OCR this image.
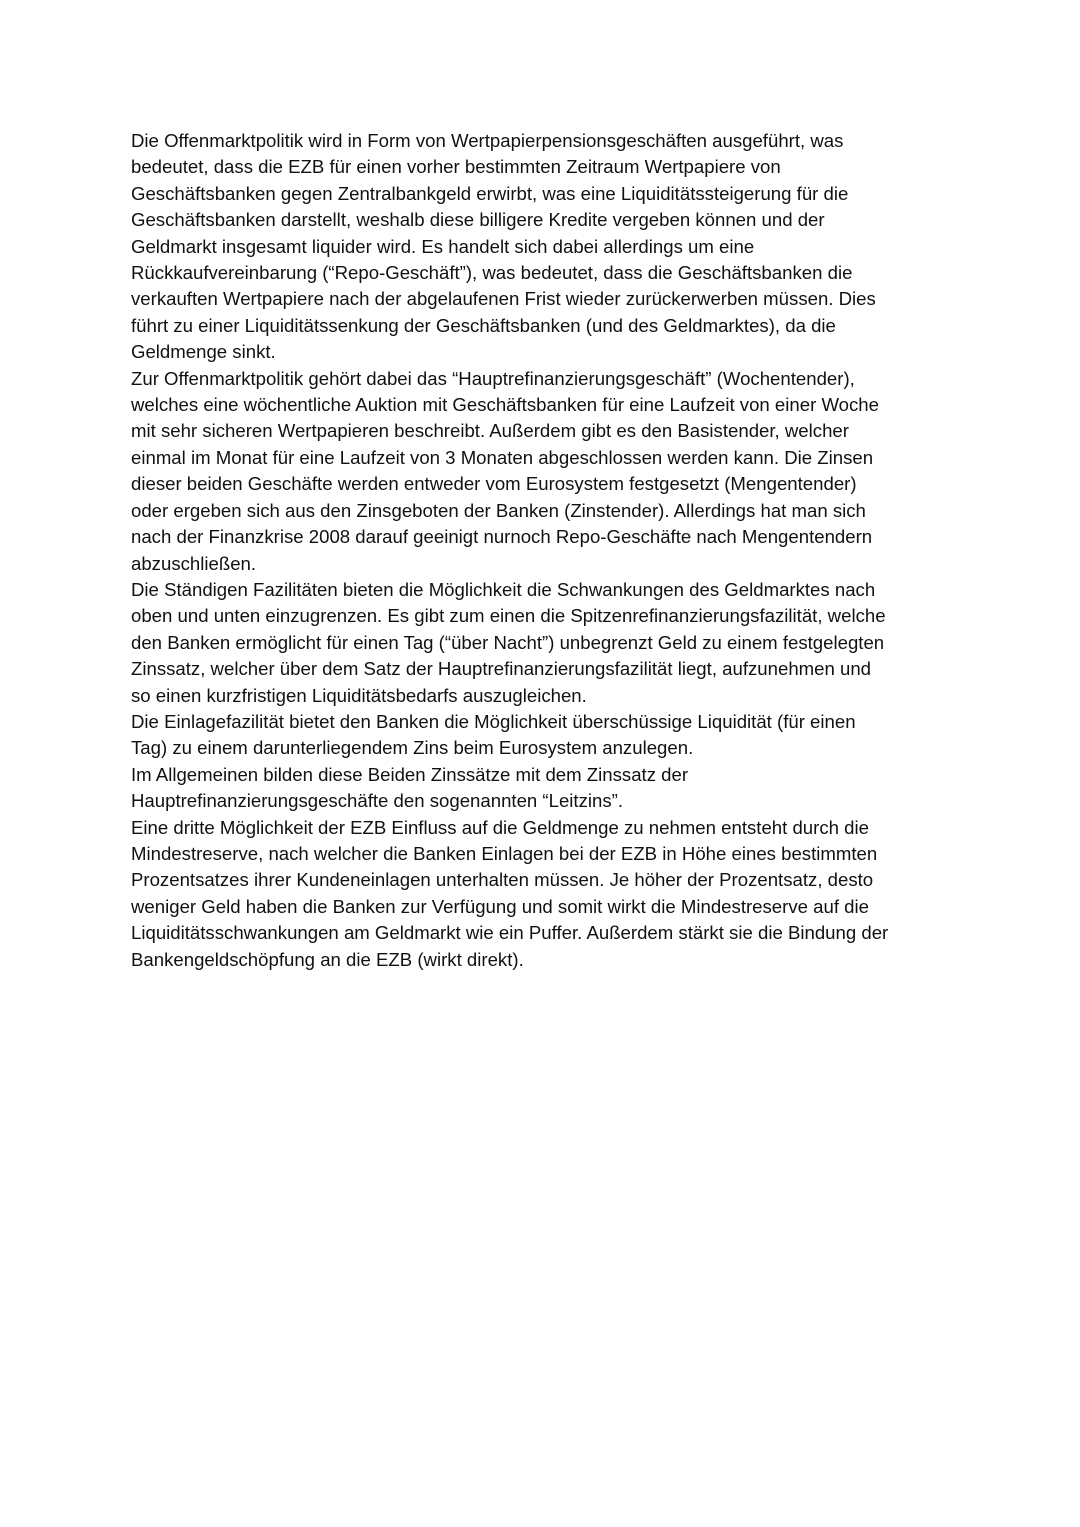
Die Offenmarktpolitik wird in Form von Wertpapierpensionsgeschäften ausgeführt, was
bedeutet, dass die EZB für einen vorher bestimmten Zeitraum Wertpapiere von
Geschäftsbanken gegen Zentralbankgeld erwirbt, was eine Liquiditätssteigerung für die
Geschäftsbanken darstellt, weshalb diese billigere Kredite vergeben können und der
Geldmarkt insgesamt liquider wird. Es handelt sich dabei allerdings um eine
Rückkaufvereinbarung (“Repo-Geschäft”), was bedeutet, dass die Geschäftsbanken die
verkauften Wertpapiere nach der abgelaufenen Frist wieder zurückerwerben müssen. Dies
führt zu einer Liquiditätssenkung der Geschäftsbanken (und des Geldmarktes), da die
Geldmenge sinkt.
Zur Offenmarktpolitik gehört dabei das “Hauptrefinanzierungsgeschäft” (Wochentender),
welches eine wöchentliche Auktion mit Geschäftsbanken für eine Laufzeit von einer Woche
mit sehr sicheren Wertpapieren beschreibt. Außerdem gibt es den Basistender, welcher
einmal im Monat für eine Laufzeit von 3 Monaten abgeschlossen werden kann. Die Zinsen
dieser beiden Geschäfte werden entweder vom Eurosystem festgesetzt (Mengentender)
oder ergeben sich aus den Zinsgeboten der Banken (Zinstender). Allerdings hat man sich
nach der Finanzkrise 2008 darauf geeinigt nurnoch Repo-Geschäfte nach Mengentendern
abzuschließen.
Die Ständigen Fazilitäten bieten die Möglichkeit die Schwankungen des Geldmarktes nach
oben und unten einzugrenzen. Es gibt zum einen die Spitzenrefinanzierungsfazilität, welche
den Banken ermöglicht für einen Tag (“über Nacht”) unbegrenzt Geld zu einem festgelegten
Zinssatz, welcher über dem Satz der Hauptrefinanzierungsfazilität liegt, aufzunehmen und
so einen kurzfristigen Liquiditätsbedarfs auszugleichen.
Die Einlagefazilität bietet den Banken die Möglichkeit überschüssige Liquidität (für einen
Tag) zu einem darunterliegendem Zins beim Eurosystem anzulegen.
Im Allgemeinen bilden diese Beiden Zinssätze mit dem Zinssatz der
Hauptrefinanzierungsgeschäfte den sogenannten “Leitzins”.
Eine dritte Möglichkeit der EZB Einfluss auf die Geldmenge zu nehmen entsteht durch die
Mindestreserve, nach welcher die Banken Einlagen bei der EZB in Höhe eines bestimmten
Prozentsatzes ihrer Kundeneinlagen unterhalten müssen. Je höher der Prozentsatz, desto
weniger Geld haben die Banken zur Verfügung und somit wirkt die Mindestreserve auf die
Liquiditätsschwankungen am Geldmarkt wie ein Puffer. Außerdem stärkt sie die Bindung der
Bankengeldschöpfung an die EZB (wirkt direkt).
